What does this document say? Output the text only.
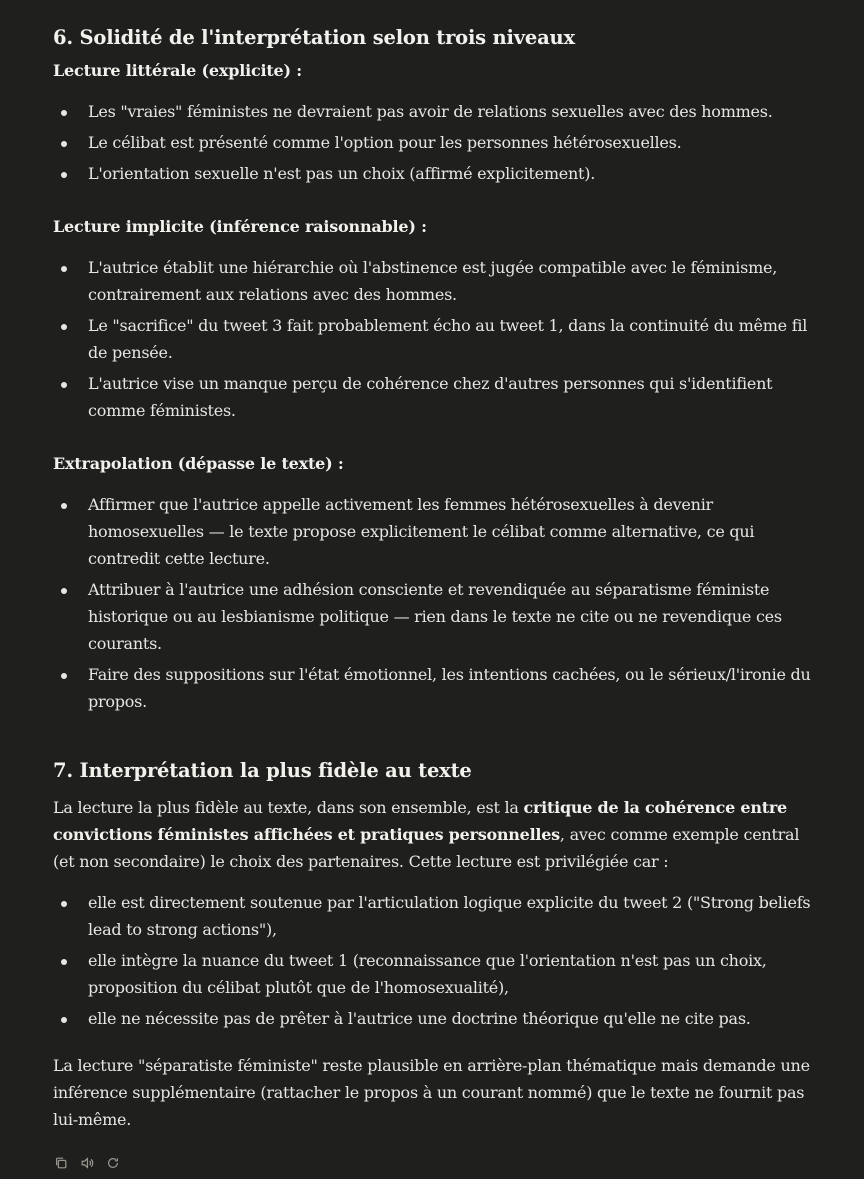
6. Solidité de l'interprétation selon trois niveaux
Lecture littérale (explicite) :
Les "vraies" féministes ne devraient pas avoir de relations sexuelles avec des hommes.
Le célibat est présenté comme l'option pour les personnes hétérosexuelles.
L'orientation sexuelle n'est pas un choix (affirmé explicitement).
Lecture implicite (inférence raisonnable) :
L'autrice établit une hiérarchie où l'abstinence est jugée compatible avec le féminisme, contrairement aux relations avec des hommes.
Le "sacrifice" du tweet 3 fait probablement écho au tweet 1, dans la continuité du même fil de pensée.
L'autrice vise un manque perçu de cohérence chez d'autres personnes qui s'identifient comme féministes.
Extrapolation (dépasse le texte) :
Affirmer que l'autrice appelle activement les femmes hétérosexuelles à devenir homosexuelles — le texte propose explicitement le célibat comme alternative, ce qui contredit cette lecture.
Attribuer à l'autrice une adhésion consciente et revendiquée au séparatisme féministe historique ou au lesbianisme politique — rien dans le texte ne cite ou ne revendique ces courants.
Faire des suppositions sur l'état émotionnel, les intentions cachées, ou le sérieux/l'ironie du propos.
7. Interprétation la plus fidèle au texte

La lecture la plus fidèle au texte, dans son ensemble, est la critique de la cohérence entre convictions féministes affichées et pratiques personnelles, avec comme exemple central (et non secondaire) le choix des partenaires. Cette lecture est privilégiée car :

elle est directement soutenue par l'articulation logique explicite du tweet 2 ("Strong beliefs lead to strong actions"),
elle intègre la nuance du tweet 1 (reconnaissance que l'orientation n'est pas un choix, proposition du célibat plutôt que de l'homosexualité),
elle ne nécessite pas de prêter à l'autrice une doctrine théorique qu'elle ne cite pas.

La lecture "séparatiste féministe" reste plausible en arrière-plan thématique mais demande une inférence supplémentaire (rattacher le propos à un courant nommé) que le texte ne fournit pas lui-même.
